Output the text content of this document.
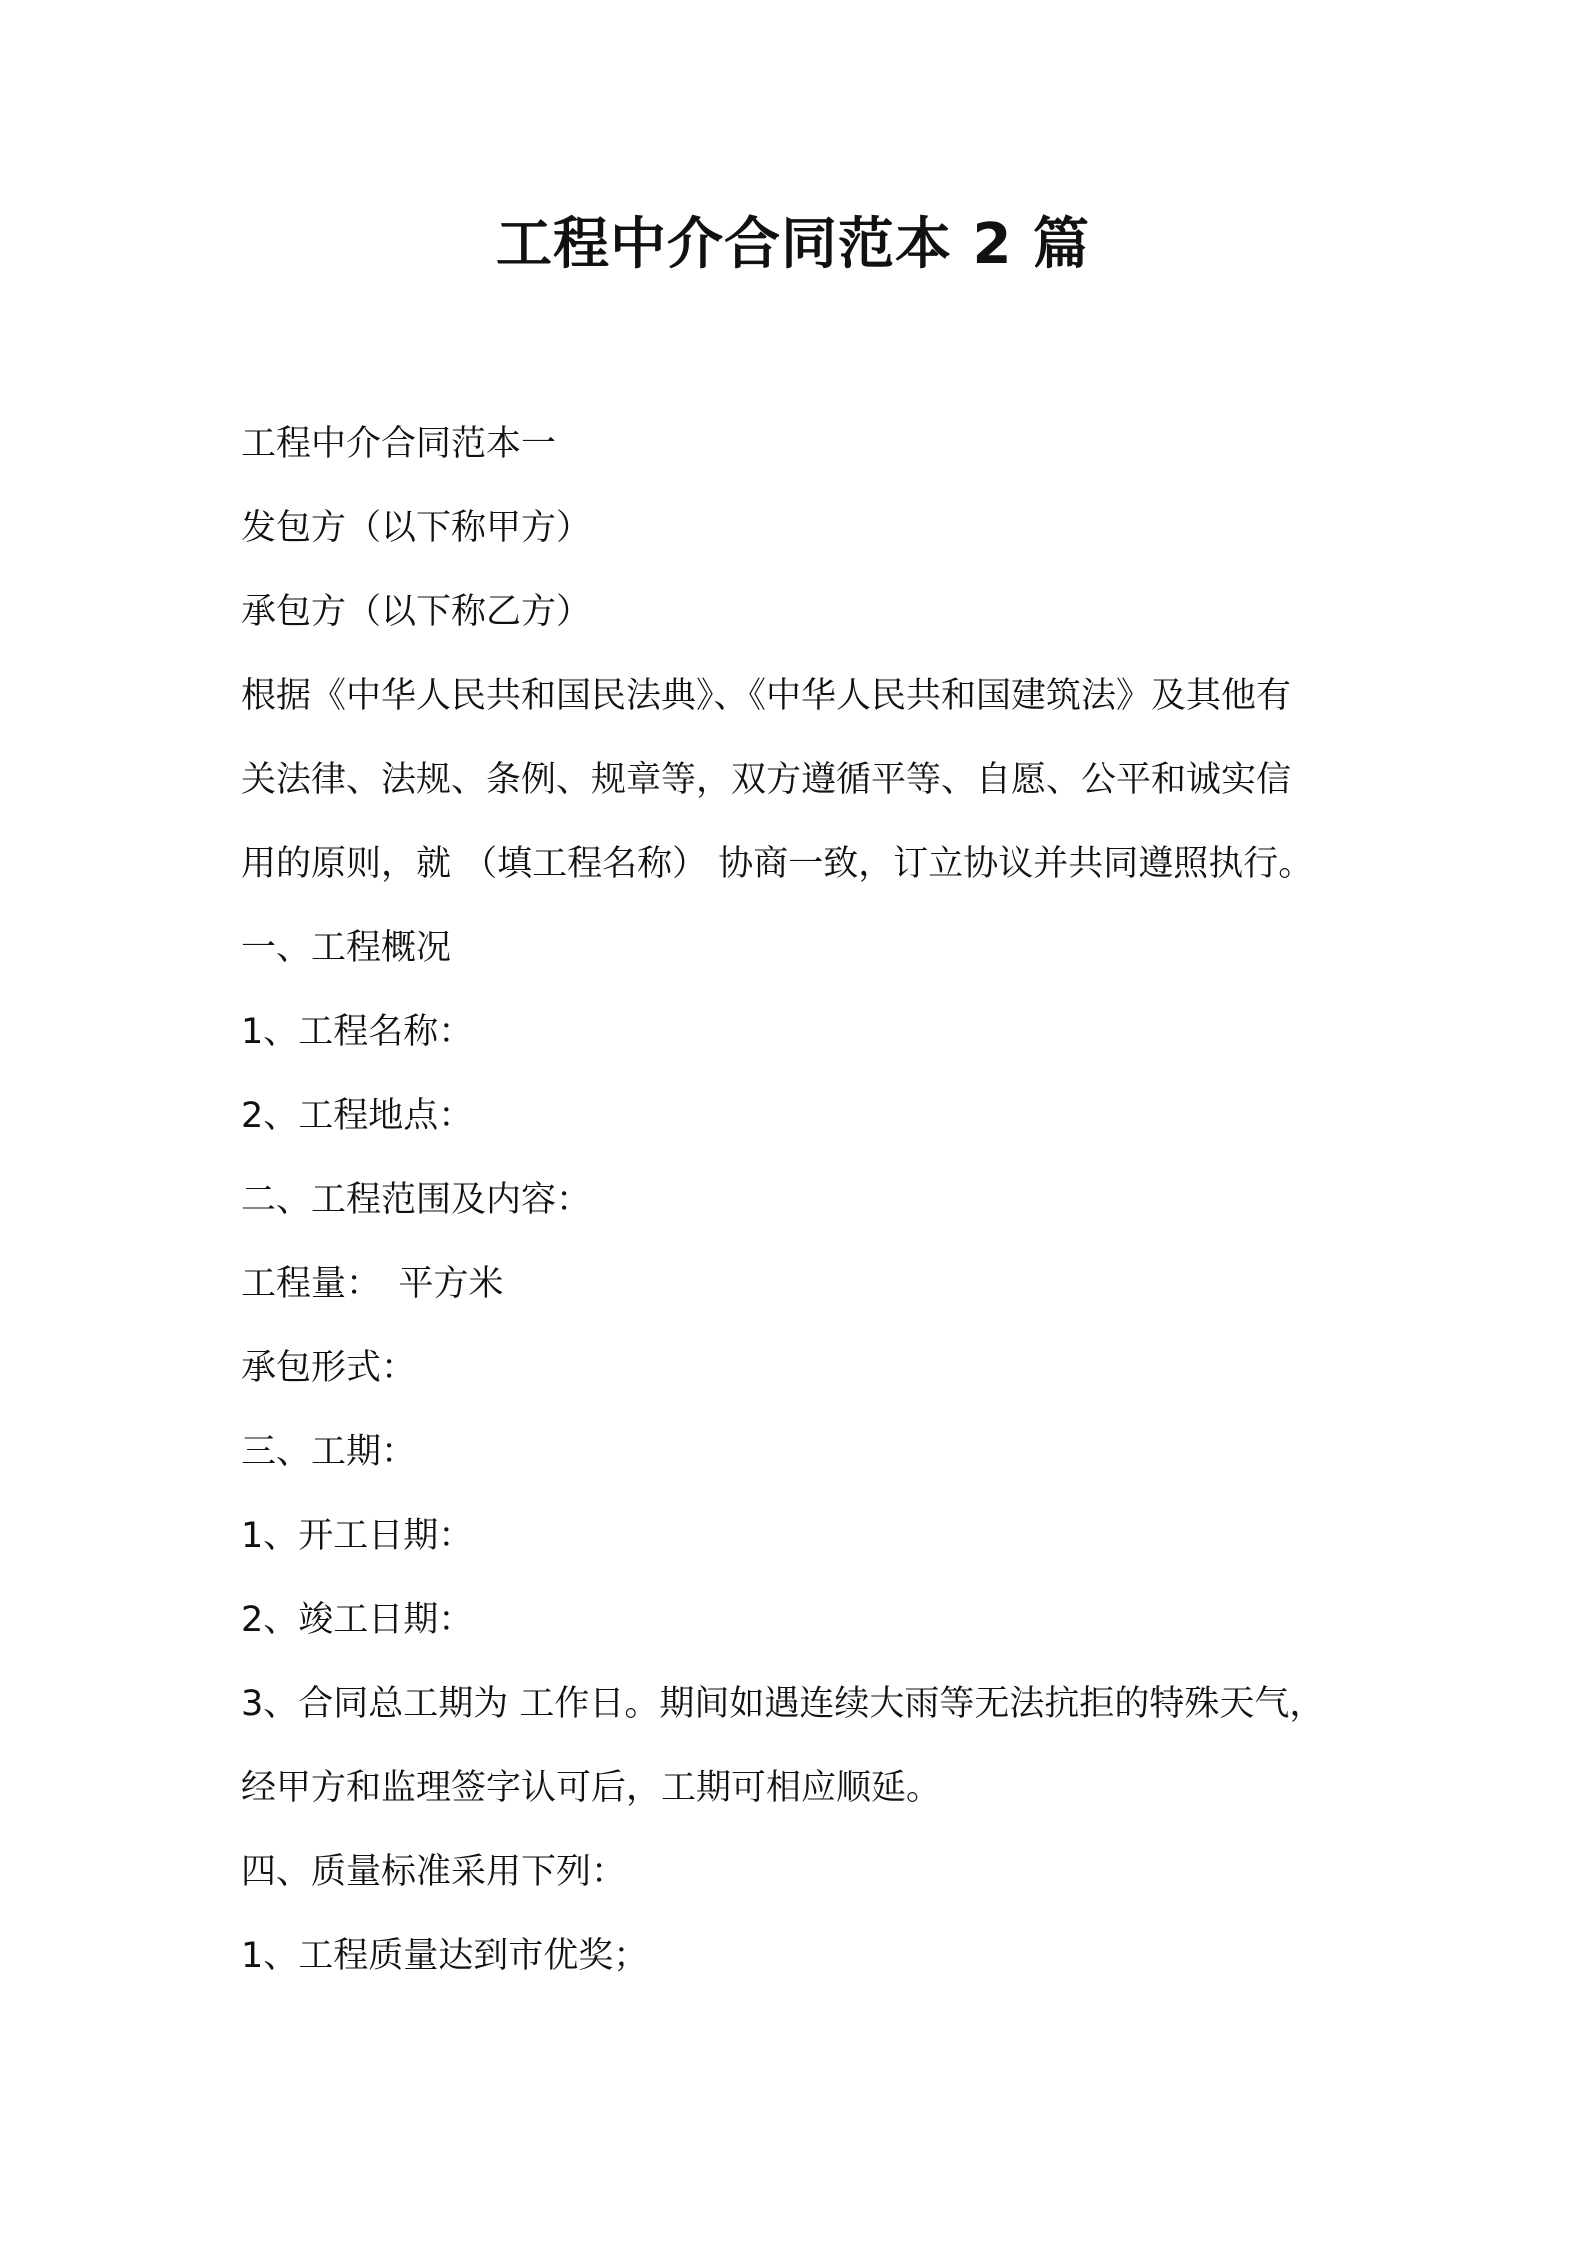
工程中介合同范本 2 篇

工程中介合同范本一

发包方（以下称甲方）

承包方（以下称乙方）

根据《中华人民共和国民法典》、《中华人民共和国建筑法》及其他有

关法律、法规、条例、规章等，双方遵循平等、自愿、公平和诚实信

用的原则，就 （填工程名称） 协商一致，订立协议并共同遵照执行。

一、工程概况

1、工程名称：

2、工程地点：

二、工程范围及内容：

工程量：　平方米

承包形式：

三、工期：

1、开工日期：

2、竣工日期：

3、合同总工期为 工作日。期间如遇连续大雨等无法抗拒的特殊天气，

经甲方和监理签字认可后，工期可相应顺延。

四、质量标准采用下列：

1、工程质量达到市优奖；
